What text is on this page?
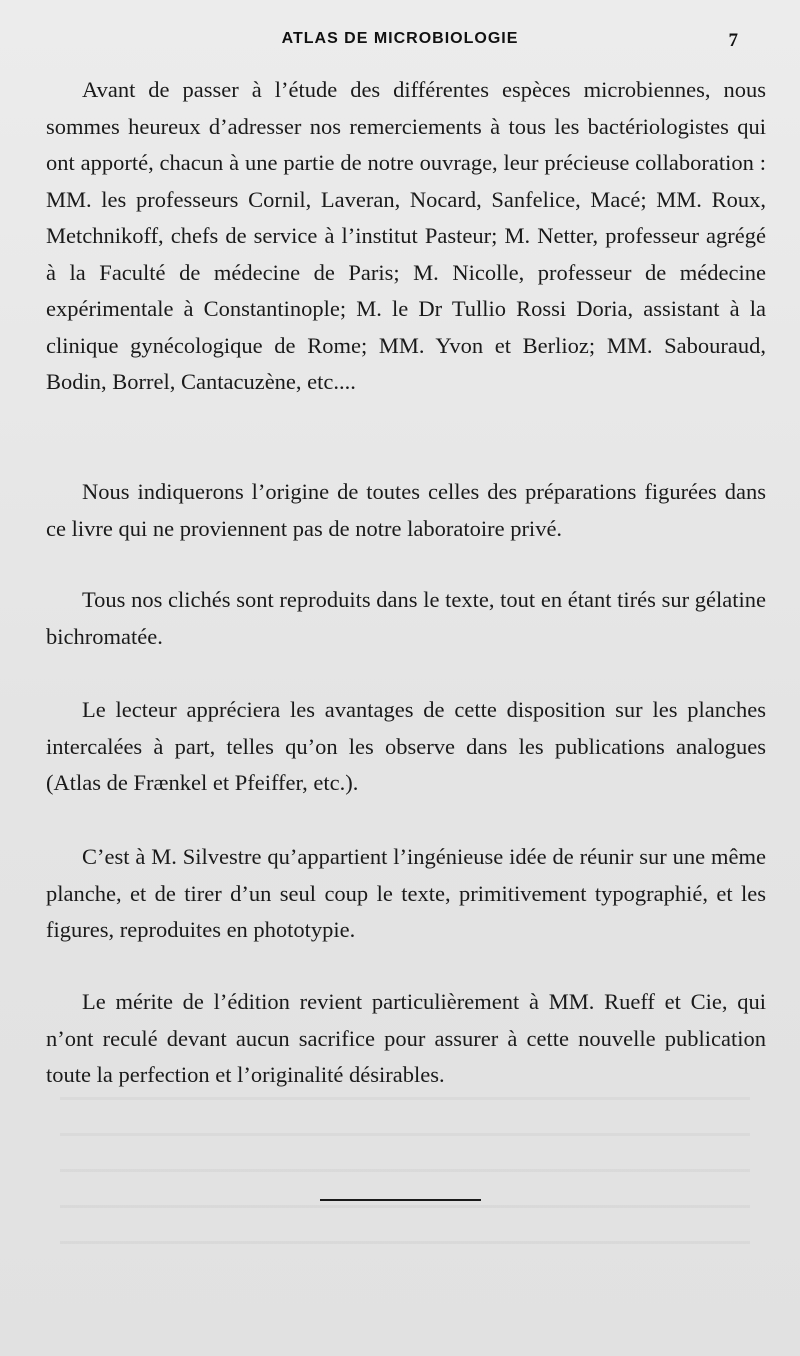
ATLAS DE MICROBIOLOGIE	7

Avant de passer à l’étude des différentes espèces microbiennes, nous sommes heureux d’adresser nos remerciements à tous les bactériologistes qui ont apporté, chacun à une partie de notre ouvrage, leur précieuse collaboration : MM. les professeurs Cornil, Laveran, Nocard, Sanfelice, Macé; MM. Roux, Metchnikoff, chefs de service à l’institut Pasteur; M. Netter, professeur agrégé à la Faculté de médecine de Paris; M. Nicolle, professeur de médecine expérimentale à Constantinople; M. le Dr Tullio Rossi Doria, assistant à la clinique gynécologique de Rome; MM. Yvon et Berlioz; MM. Sabouraud, Bodin, Borrel, Cantacuzène, etc....

Nous indiquerons l’origine de toutes celles des préparations figurées dans ce livre qui ne proviennent pas de notre laboratoire privé.

Tous nos clichés sont reproduits dans le texte, tout en étant tirés sur gélatine bichromatée.

Le lecteur appréciera les avantages de cette disposition sur les planches intercalées à part, telles qu’on les observe dans les publications analogues (Atlas de Frænkel et Pfeiffer, etc.).

C’est à M. Silvestre qu’appartient l’ingénieuse idée de réunir sur une même planche, et de tirer d’un seul coup le texte, primitivement typographié, et les figures, reproduites en phototypie.

Le mérite de l’édition revient particulièrement à MM. Rueff et Cie, qui n’ont reculé devant aucun sacrifice pour assurer à cette nouvelle publication toute la perfection et l’originalité désirables.
